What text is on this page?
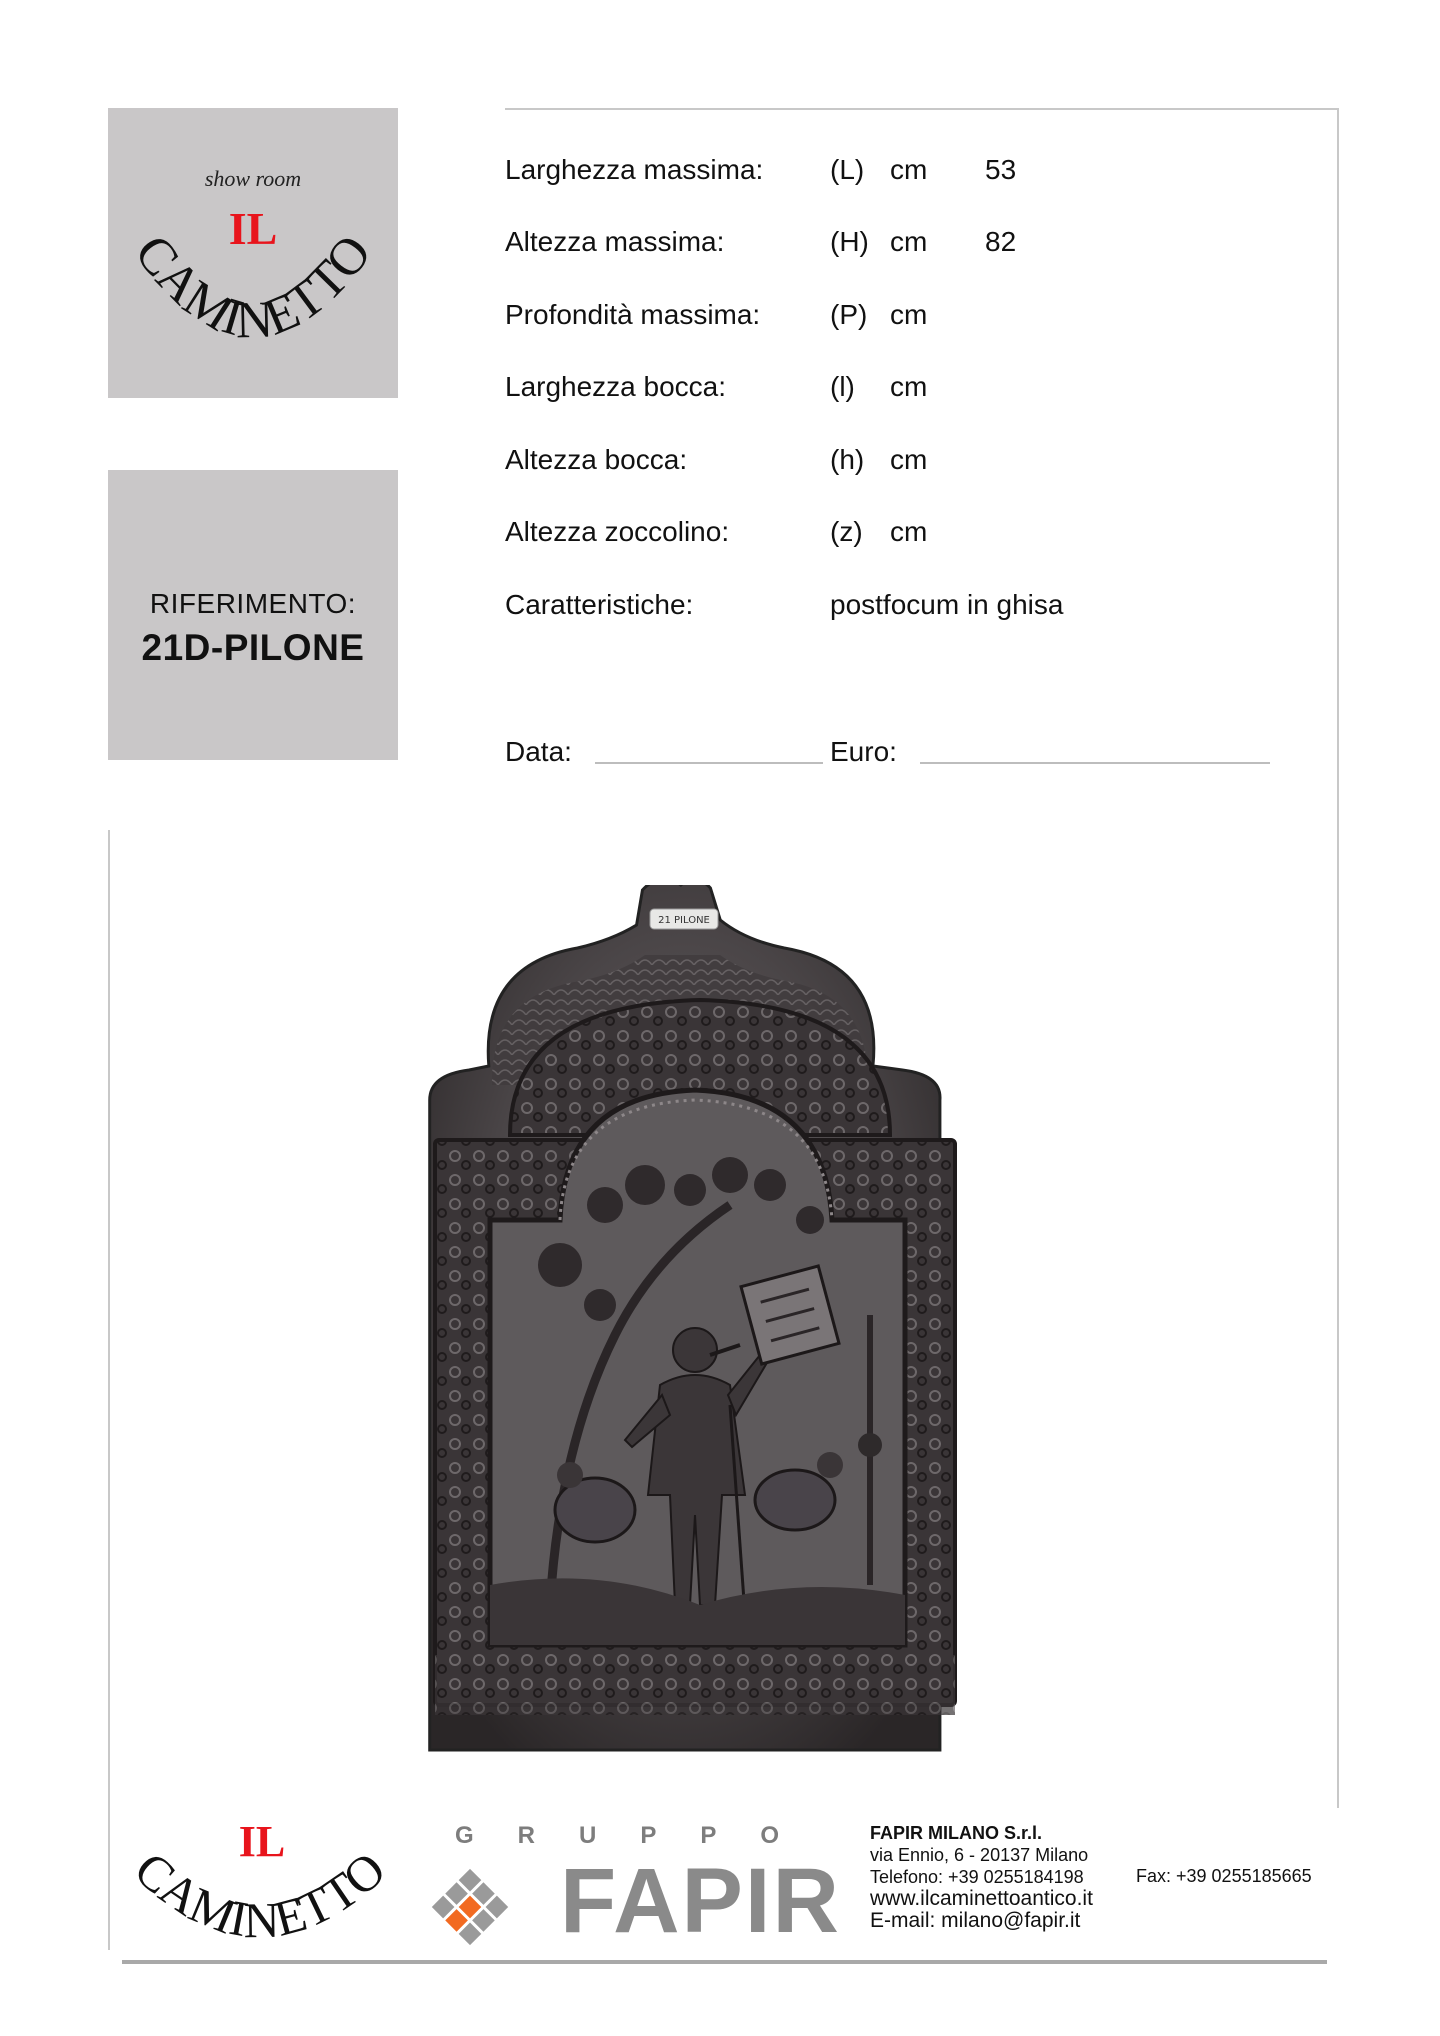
show room
IL
CAMINETTO
RIFERIMENTO:
21D-PILONE
Larghezza massima: (L) cm 53
Altezza massima:	(H) cm 82
Profondità massima: (P) cm
Larghezza bocca:	(l) cm
Altezza bocca:	(h) cm
Altezza zoccolino:	(z) cm
Caratteristiche:	postfocum in ghisa
Data:	Euro:
21 PILONE
IL
CAMINETTO
GRUPPO
FAPIR
FAPIR MILANO S.r.l.
via Ennio, 6 - 20137 Milano
Telefono: +39 0255184198
www.ilcaminettoantico.it
E-mail: milano@fapir.it
Fax: +39 0255185665
